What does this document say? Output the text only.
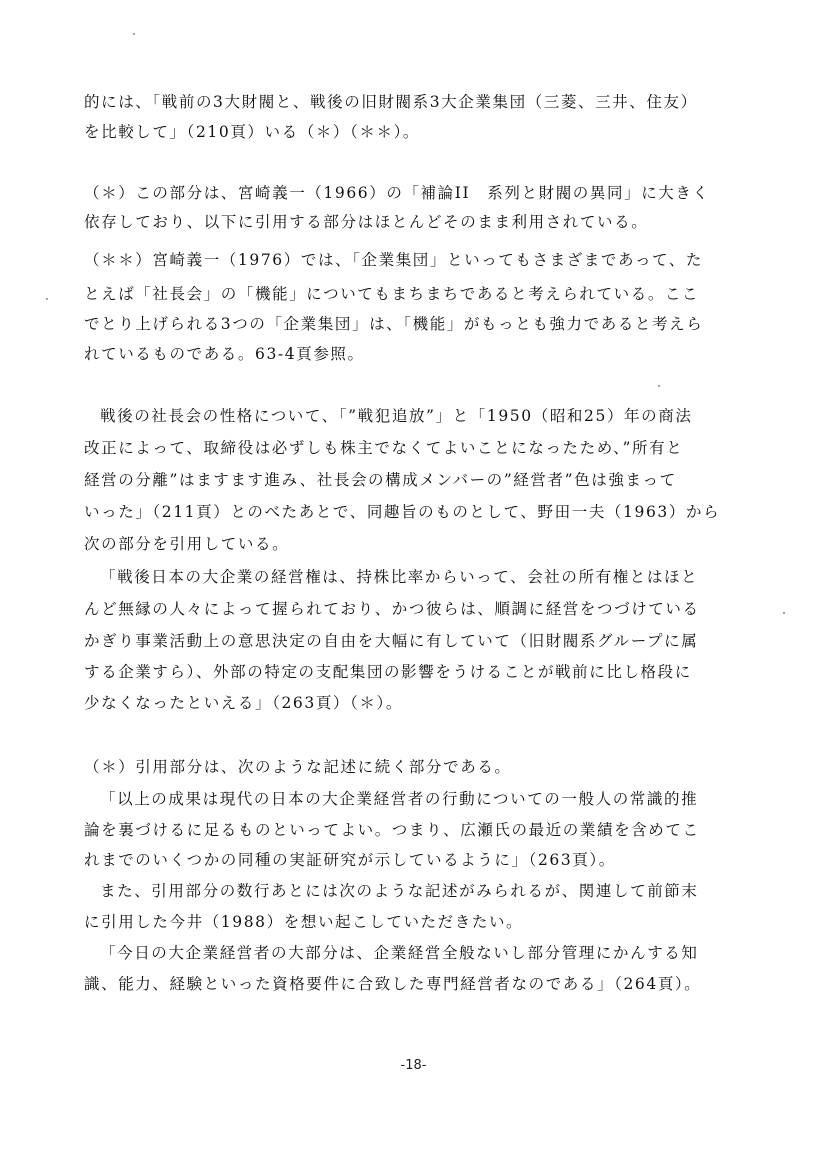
的には、「戦前の3大財閥と、戦後の旧財閥系3大企業集団（三菱、三井、住友）
を比較して」（210頁）いる（＊）（＊＊）。
（＊）この部分は、宮崎義一（1966）の「補論II　系列と財閥の異同」に大きく
依存しており、以下に引用する部分はほとんどそのまま利用されている。
（＊＊）宮崎義一（1976）では、「企業集団」といってもさまざまであって、た
とえば「社長会」の「機能」についてもまちまちであると考えられている。ここ
でとり上げられる3つの「企業集団」は、「機能」がもっとも強力であると考えら
れているものである。63-4頁参照。
戦後の社長会の性格について、「”戦犯追放”」と「1950（昭和25）年の商法
改正によって、取締役は必ずしも株主でなくてよいことになったため、”所有と
経営の分離”はますます進み、社長会の構成メンバーの”経営者”色は強まって
いった」（211頁）とのべたあとで、同趣旨のものとして、野田一夫（1963）から
次の部分を引用している。
「戦後日本の大企業の経営権は、持株比率からいって、会社の所有権とはほと
んど無縁の人々によって握られており、かつ彼らは、順調に経営をつづけている
かぎり事業活動上の意思決定の自由を大幅に有していて（旧財閥系グループに属
する企業すら）、外部の特定の支配集団の影響をうけることが戦前に比し格段に
少なくなったといえる」（263頁）（＊）。
（＊）引用部分は、次のような記述に続く部分である。
「以上の成果は現代の日本の大企業経営者の行動についての一般人の常識的推
論を裏づけるに足るものといってよい。つまり、広瀬氏の最近の業績を含めてこ
れまでのいくつかの同種の実証研究が示しているように」（263頁）。
また、引用部分の数行あとには次のような記述がみられるが、関連して前節末
に引用した今井（1988）を想い起こしていただきたい。
「今日の大企業経営者の大部分は、企業経営全般ないし部分管理にかんする知
識、能力、経験といった資格要件に合致した専門経営者なのである」（264頁）。
-18-
